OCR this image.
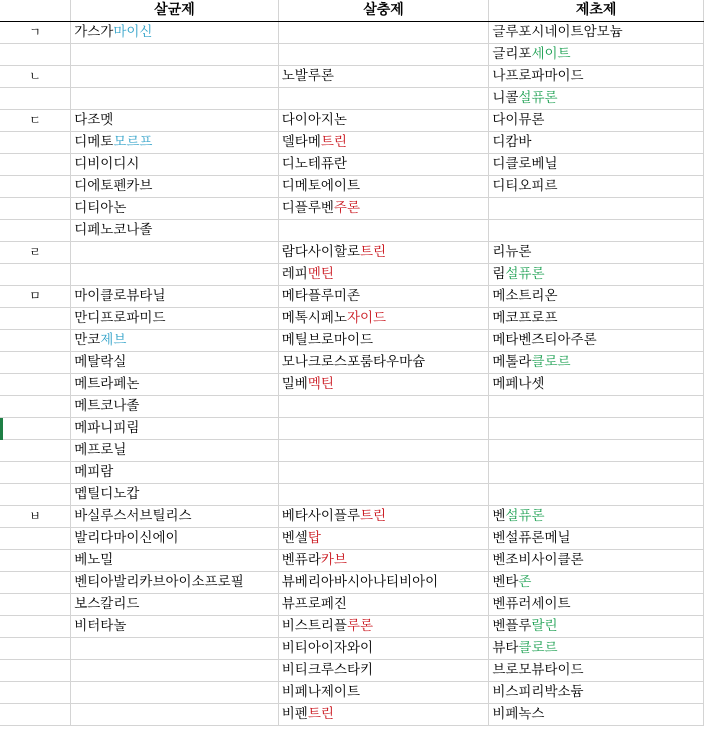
	살균제	살충제	제초제
ㄱ	가스가마이신		글루포시네이트암모늄
			글리포세이트
ㄴ		노발루론	나프로파마이드
			니콜설퓨론
ㄷ	다조멧	다이아지논	다이뮤론
	디메토모르프	델타메트린	디캄바
	디비이디시	디노테퓨란	디클로베닐
	디에토펜카브	디메토에이트	디티오피르
	디티아논	디플루벤주론	
	디페노코나졸		
ㄹ		람다사이할로트린	리뉴론
		레피멘틴	림설퓨론
ㅁ	마이클로뷰타닐	메타플루미존	메소트리온
	만디프로파미드	메톡시페노자이드	메코프로프
	만코제브	메틸브로마이드	메타벤즈티아주론
	메탈락실	모나크로스포룸타우마슘	메톨라클로르
	메트라페논	밀베멕틴	메페나셋
	메트코나졸		
	메파니피림		
	메프로닐		
	메피람		
	멥틸디노캅		
ㅂ	바실루스서브틸리스	베타사이플루트린	벤설퓨론
	발리다마이신에이	벤셀탑	벤설퓨론메닐
	베노밀	벤퓨라카브	벤조비사이클론
	벤티아발리카브아이소프로필	뷰베리아바시아나티비아이	벤타존
	보스칼리드	뷰프로페진	벤퓨러세이트
	비터타놀	비스트리플루론	벤플루랄린
		비티아이자와이	뷰타클로르
		비티크루스타키	브로모뷰타이드
		비페나제이트	비스피리박소듐
		비펜트린	비페녹스
